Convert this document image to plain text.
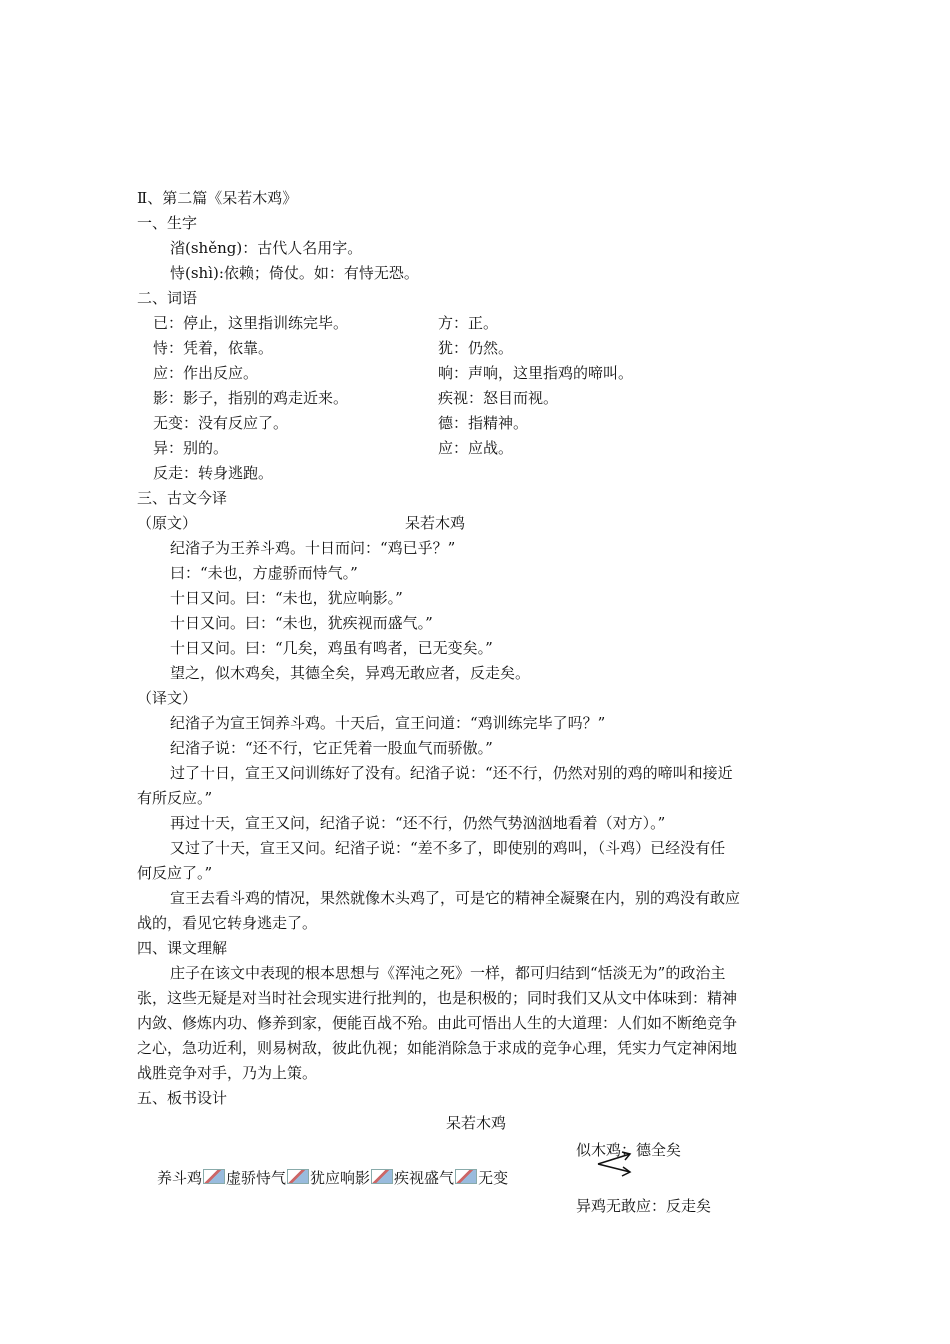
Ⅱ、第二篇《呆若木鸡》
一、生字
渻(shěng)：古代人名用字。
恃(shì):依赖；倚仗。如：有恃无恐。
二、词语
已：停止，这里指训练完毕。
恃：凭着，依靠。
应：作出反应。
影：影子，指别的鸡走近来。
无变：没有反应了。
异：别的。
反走：转身逃跑。
方：正。
犹：仍然。
响：声响，这里指鸡的啼叫。
疾视：怒目而视。
德：指精神。
应：应战。
三、古文今译
（原文）	呆若木鸡
纪渻子为王养斗鸡。十日而问：“鸡已乎？”
曰：“未也，方虚骄而恃气。”
十日又问。曰：“未也，犹应响影。”
十日又问。曰：“未也，犹疾视而盛气。”
十日又问。曰：“几矣，鸡虽有鸣者，已无变矣。”
望之，似木鸡矣，其德全矣，异鸡无敢应者，反走矣。
（译文）
纪渻子为宣王饲养斗鸡。十天后，宣王问道：“鸡训练完毕了吗？”
纪渻子说：“还不行，它正凭着一股血气而骄傲。”
过了十日，宣王又问训练好了没有。纪渻子说：“还不行，仍然对别的鸡的啼叫和接近
有所反应。”
再过十天，宣王又问，纪渻子说：“还不行，仍然气势汹汹地看着（对方）。”
又过了十天，宣王又问。纪渻子说：“差不多了，即使别的鸡叫，（斗鸡）已经没有任
何反应了。”
宣王去看斗鸡的情况，果然就像木头鸡了，可是它的精神全凝聚在内，别的鸡没有敢应
战的，看见它转身逃走了。
四、课文理解
庄子在该文中表现的根本思想与《浑沌之死》一样，都可归结到“恬淡无为”的政治主
张，这些无疑是对当时社会现实进行批判的，也是积极的；同时我们又从文中体味到：精神
内敛、修炼内功、修养到家，便能百战不殆。由此可悟出人生的大道理：人们如不断绝竞争
之心，急功近利，则易树敌，彼此仇视；如能消除急于求成的竞争心理，凭实力气定神闲地
战胜竞争对手，乃为上策。
五、板书设计
呆若木鸡
似木鸡：德全矣
养斗鸡 虚骄恃气 犹应响影 疾视盛气 无变
异鸡无敢应：反走矣
